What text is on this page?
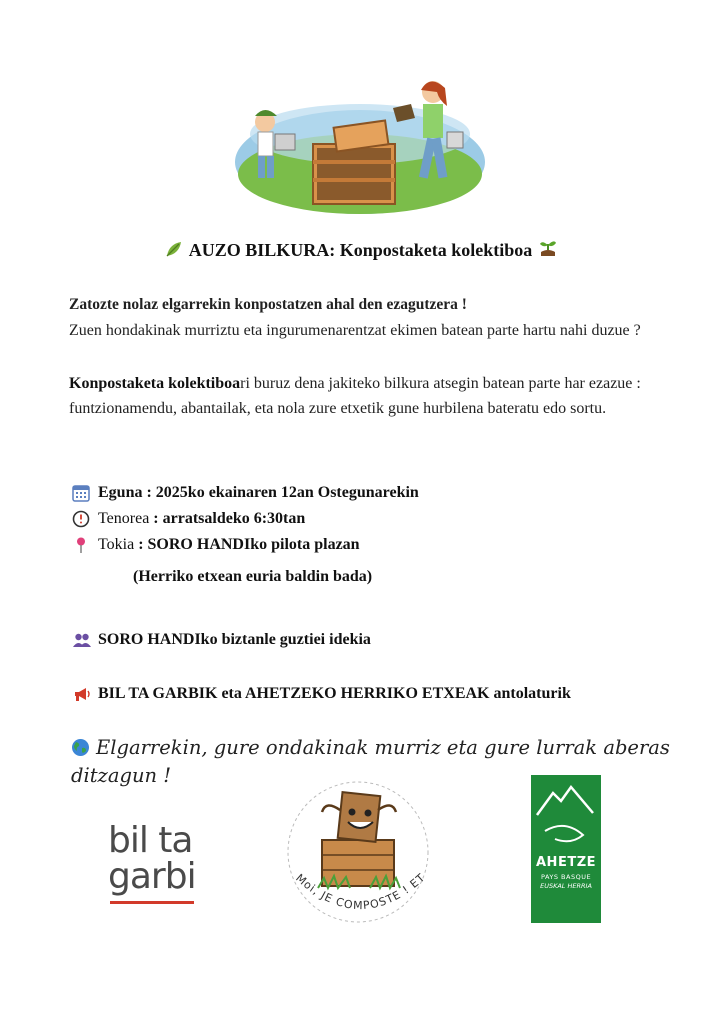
AUZO BILKURA: Konpostaketa kolektiboa
Zatozte nolaz elgarrekin konpostatzen ahal den ezagutzera !
Zuen hondakinak murriztu eta ingurumenarentzat ekimen batean parte hartu nahi duzue ?
Konpostaketa kolektiboari buruz dena jakiteko bilkura atsegin batean parte har ezazue : funtzionamendu, abantailak, eta nola zure etxetik gune hurbilena bateratu edo sortu.
Eguna : 2025ko ekainaren 12an Ostegunarekin
Tenorea : arratsaldeko 6:30tan
Tokia : SORO HANDIko pilota plazan
(Herriko etxean euria baldin bada)
SORO HANDIko biztanle guztiei idekia
BIL TA GARBIK eta AHETZEKO HERRIKO ETXEAK antolaturik
Elgarrekin, gure ondakinak murriz eta gure lurrak aberas ditzagun !
bil ta
garbi	Moi, JE COMPOSTE ! ET
AHETZE
PAYS BASQUE
EUSKAL HERRIA
